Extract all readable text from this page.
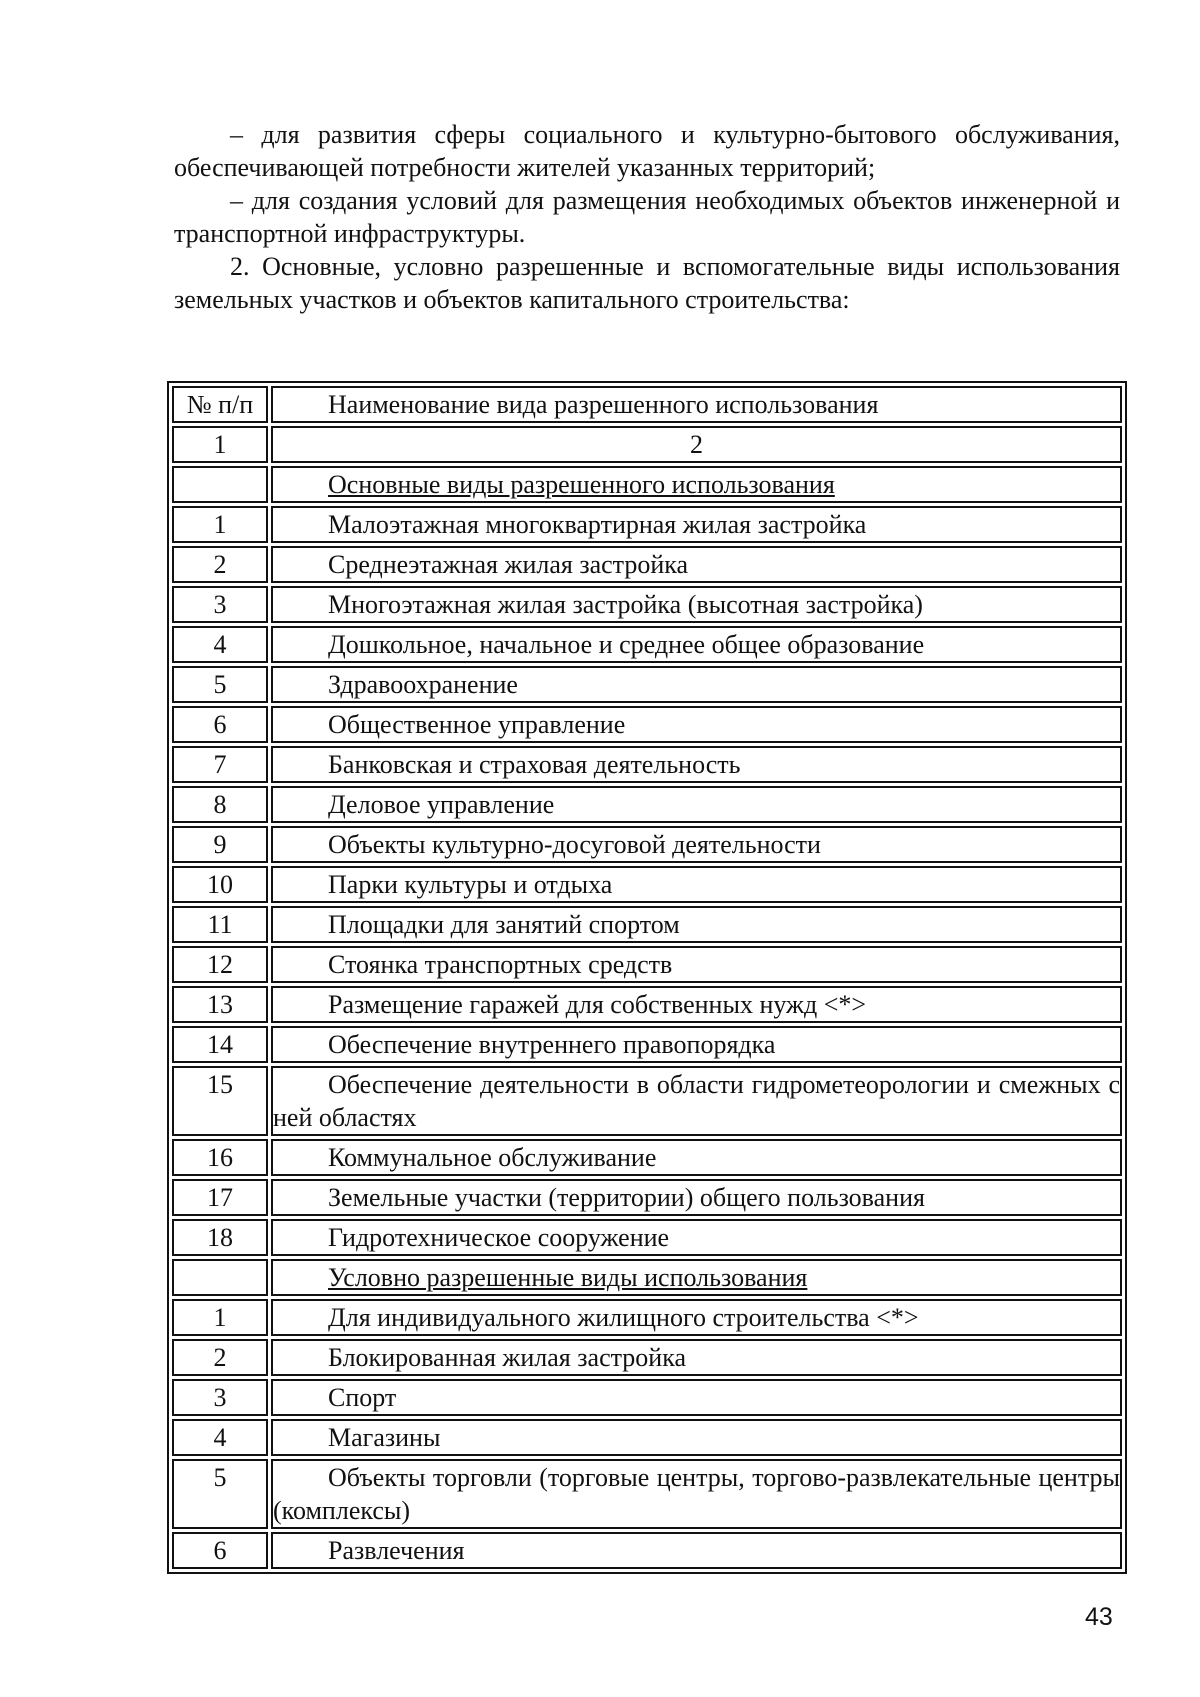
– для развития сферы социального и культурно-бытового обслуживания, обеспечивающей потребности жителей указанных территорий;

– для создания условий для размещения необходимых объектов инженерной и транспортной инфраструктуры.

2. Основные, условно разрешенные и вспомогательные виды использования земельных участков и объектов капитального строительства:

№ п/п	Наименование вида разрешенного использования
1	2
	Основные виды разрешенного использования
1	Малоэтажная многоквартирная жилая застройка
2	Среднеэтажная жилая застройка
3	Многоэтажная жилая застройка (высотная застройка)
4	Дошкольное, начальное и среднее общее образование
5	Здравоохранение
6	Общественное управление
7	Банковская и страховая деятельность
8	Деловое управление
9	Объекты культурно-досуговой деятельности
10	Парки культуры и отдыха
11	Площадки для занятий спортом
12	Стоянка транспортных средств
13	Размещение гаражей для собственных нужд <*>
14	Обеспечение внутреннего правопорядка
15	Обеспечение деятельности в области гидрометеорологии и смежных с ней областях

16	Коммунальное обслуживание
17	Земельные участки (территории) общего пользования
18	Гидротехническое сооружение
	Условно разрешенные виды использования
1	Для индивидуального жилищного строительства <*>
2	Блокированная жилая застройка
3	Спорт
4	Магазины
5	Объекты торговли (торговые центры, торгово-развлекательные центры (комплексы)

6	Развлечения
43
